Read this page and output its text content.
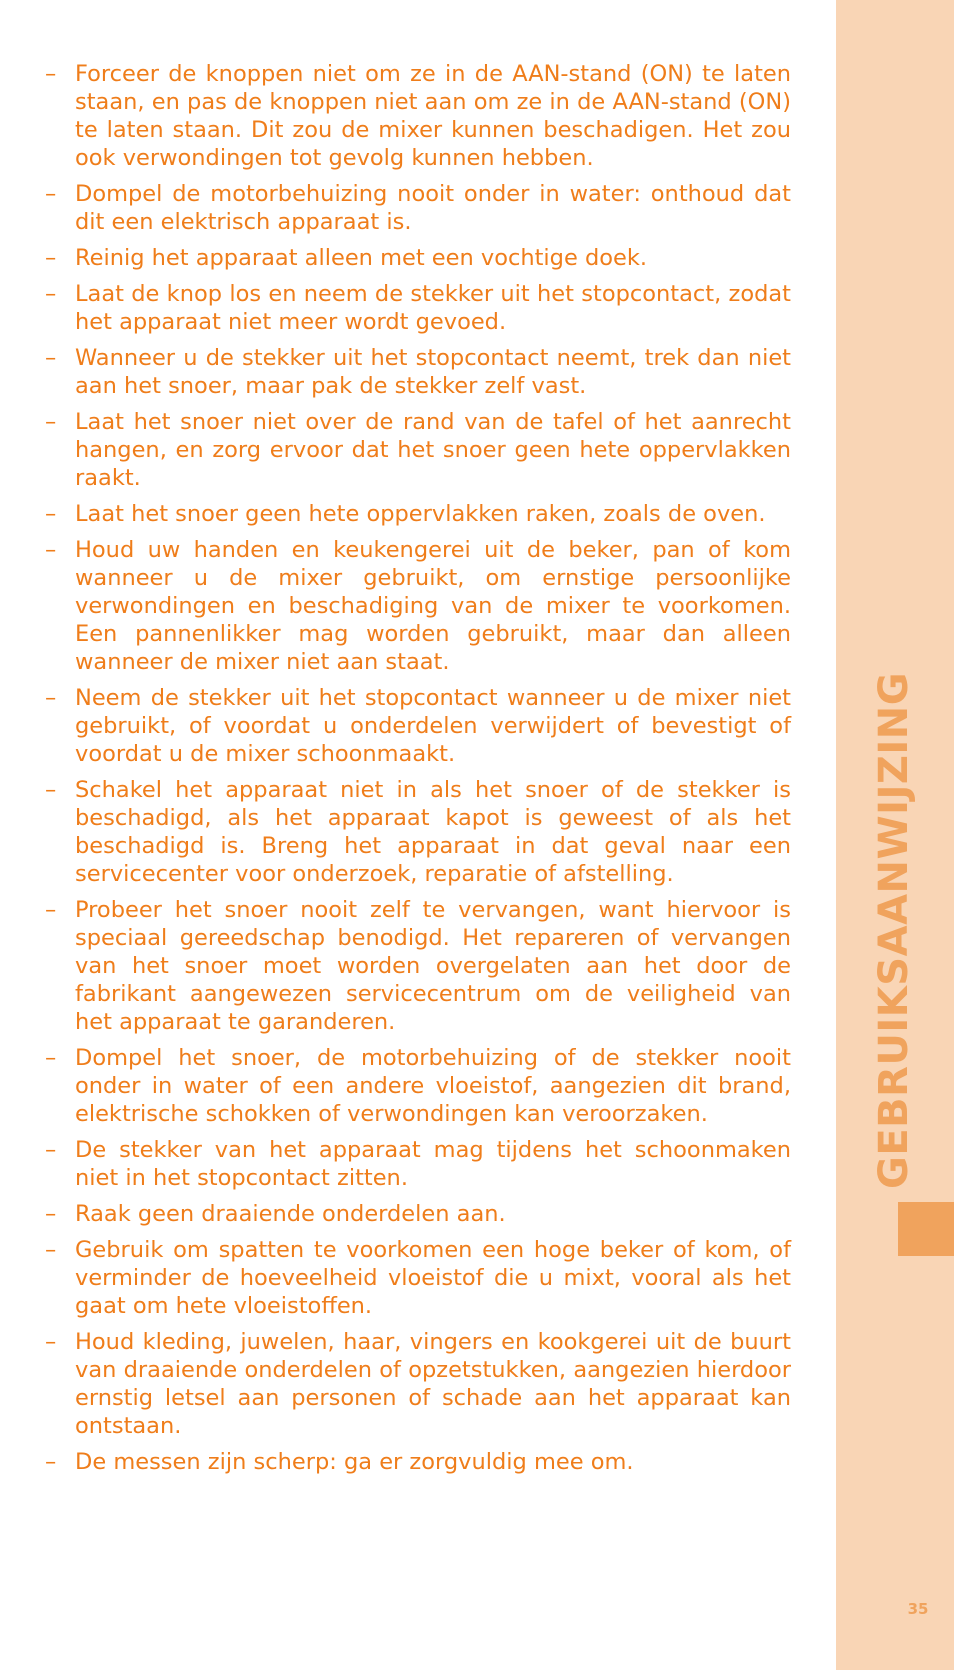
– Forceer de knoppen niet om ze in de AAN-stand (ON) te laten staan, en pas de knoppen niet aan om ze in de AAN-stand (ON) te laten staan. Dit zou de mixer kunnen beschadigen. Het zou ook verwondingen tot gevolg kunnen hebben.
– Dompel de motorbehuizing nooit onder in water: onthoud dat dit een elektrisch apparaat is.
– Reinig het apparaat alleen met een vochtige doek.
– Laat de knop los en neem de stekker uit het stopcontact, zodat het apparaat niet meer wordt gevoed.
– Wanneer u de stekker uit het stopcontact neemt, trek dan niet aan het snoer, maar pak de stekker zelf vast.
– Laat het snoer niet over de rand van de tafel of het aanrecht hangen, en zorg ervoor dat het snoer geen hete oppervlakken raakt.
– Laat het snoer geen hete oppervlakken raken, zoals de oven.
– Houd uw handen en keukengerei uit de beker, pan of kom wanneer u de mixer gebruikt, om ernstige persoonlijke verwondingen en beschadiging van de mixer te voorkomen. Een pannenlikker mag worden gebruikt, maar dan alleen wanneer de mixer niet aan staat.
– Neem de stekker uit het stopcontact wanneer u de mixer niet gebruikt, of voordat u onderdelen verwijdert of bevestigt of voordat u de mixer schoonmaakt.
– Schakel het apparaat niet in als het snoer of de stekker is beschadigd, als het apparaat kapot is geweest of als het beschadigd is. Breng het apparaat in dat geval naar een servicecenter voor onderzoek, reparatie of afstelling.
– Probeer het snoer nooit zelf te vervangen, want hiervoor is speciaal gereedschap benodigd. Het repareren of vervangen van het snoer moet worden overgelaten aan het door de fabrikant aangewezen servicecentrum om de veiligheid van het apparaat te garanderen.
– Dompel het snoer, de motorbehuizing of de stekker nooit onder in water of een andere vloeistof, aangezien dit brand, elektrische schokken of verwondingen kan veroorzaken.
– De stekker van het apparaat mag tijdens het schoonmaken niet in het stopcontact zitten.
– Raak geen draaiende onderdelen aan.
– Gebruik om spatten te voorkomen een hoge beker of kom, of verminder de hoeveelheid vloeistof die u mixt, vooral als het gaat om hete vloeistoffen.
– Houd kleding, juwelen, haar, vingers en kookgerei uit de buurt van draaiende onderdelen of opzetstukken, aangezien hierdoor ernstig letsel aan personen of schade aan het apparaat kan ontstaan.
– De messen zijn scherp: ga er zorgvuldig mee om.
GEBRUIKSAANWIJZING
35
